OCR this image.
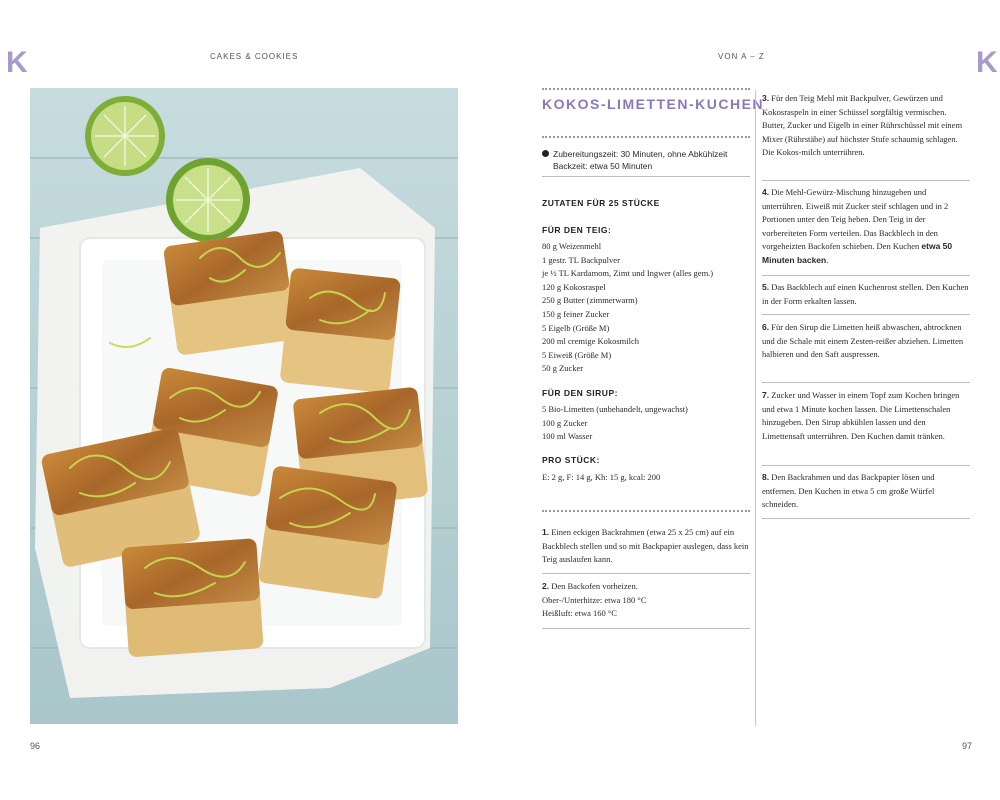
K	CAKES & COOKIES	VON A – Z	K
96
KOKOS-LIMETTEN-KUCHEN
Zubereitungszeit: 30 Minuten, ohne Abkühlzeit
Backzeit: etwa 50 Minuten
ZUTATEN FÜR 25 STÜCKE
FÜR DEN TEIG:
80 g Weizenmehl
1 gestr. TL Backpulver
je ½ TL Kardamom, Zimt und Ingwer (alles gem.)
120 g Kokosraspel
250 g Butter (zimmerwarm)
150 g feiner Zucker
5 Eigelb (Größe M)
200 ml cremige Kokosmilch
5 Eiweiß (Größe M)
50 g Zucker
FÜR DEN SIRUP:
5 Bio-Limetten (unbehandelt, ungewachst)
100 g Zucker
100 ml Wasser
PRO STÜCK:
E: 2 g, F: 14 g, Kh: 15 g, kcal: 200
1. Einen eckigen Backrahmen (etwa 25 x 25 cm) auf ein Backblech stellen und so mit Backpapier auslegen, dass kein Teig auslaufen kann.
2. Den Backofen vorheizen.
Ober-/Unterhitze: etwa 180 °C
Heißluft: etwa 160 °C
3. Für den Teig Mehl mit Backpulver, Gewürzen und Kokosraspeln in einer Schüssel sorgfältig vermischen. Butter, Zucker und Eigelb in einer Rührschüssel mit einem Mixer (Rührstäbe) auf höchster Stufe schaumig schlagen. Die Kokos-milch unterrühren.
4. Die Mehl-Gewürz-Mischung hinzugeben und unterrühren. Eiweiß mit Zucker steif schlagen und in 2 Portionen unter den Teig heben. Den Teig in der vorbereiteten Form verteilen. Das Backblech in den vorgeheizten Backofen schieben. Den Kuchen etwa 50 Minuten backen.
5. Das Backblech auf einen Kuchenrost stellen. Den Kuchen in der Form erkalten lassen.
6. Für den Sirup die Limetten heiß abwaschen, abtrocknen und die Schale mit einem Zesten-reißer abziehen. Limetten halbieren und den Saft auspressen.
7. Zucker und Wasser in einem Topf zum Kochen bringen und etwa 1 Minute kochen lassen. Die Limettenschalen hinzugeben. Den Sirup abkühlen lassen und den Limettensaft unterrühren. Den Kuchen damit tränken.
8. Den Backrahmen und das Backpapier lösen und entfernen. Den Kuchen in etwa 5 cm große Würfel schneiden.
97
